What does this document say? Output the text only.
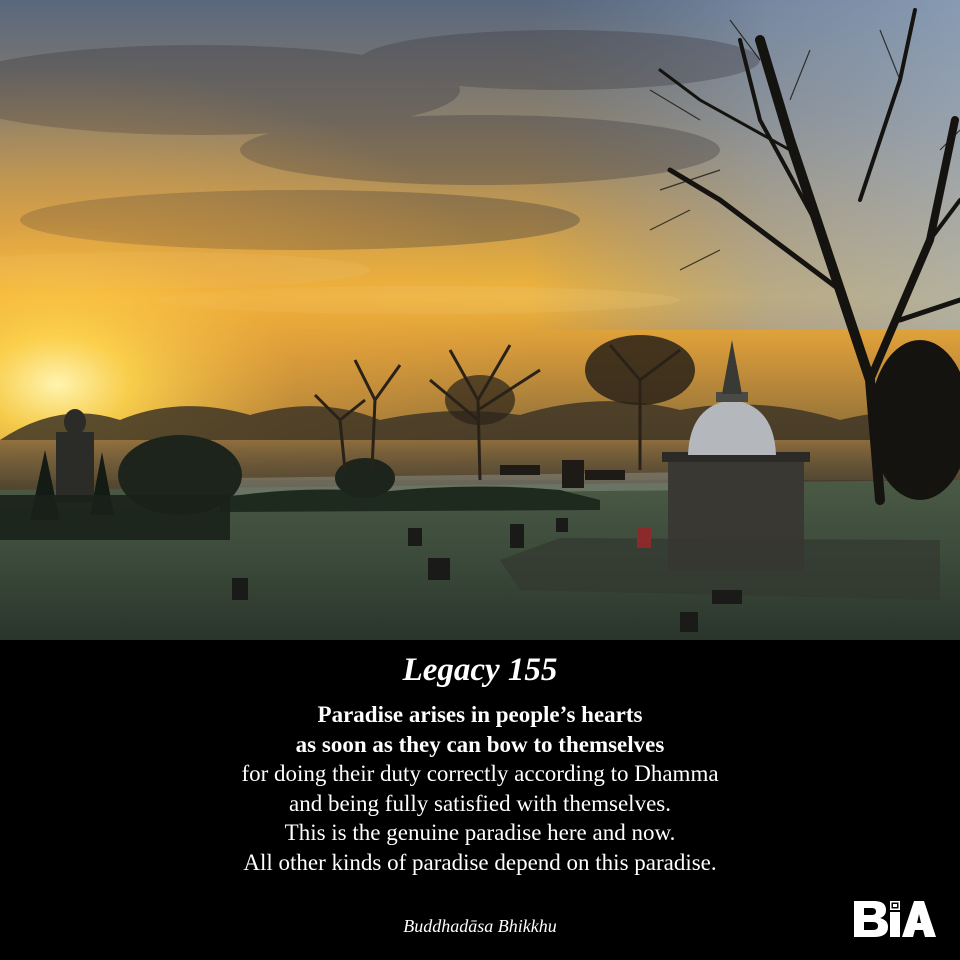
Legacy 155
Paradise arises in people’s hearts
as soon as they can bow to themselves
for doing their duty correctly according to Dhamma
and being fully satisfied with themselves.
This is the genuine paradise here and now.
All other kinds of paradise depend on this paradise.
Buddhadāsa Bhikkhu
